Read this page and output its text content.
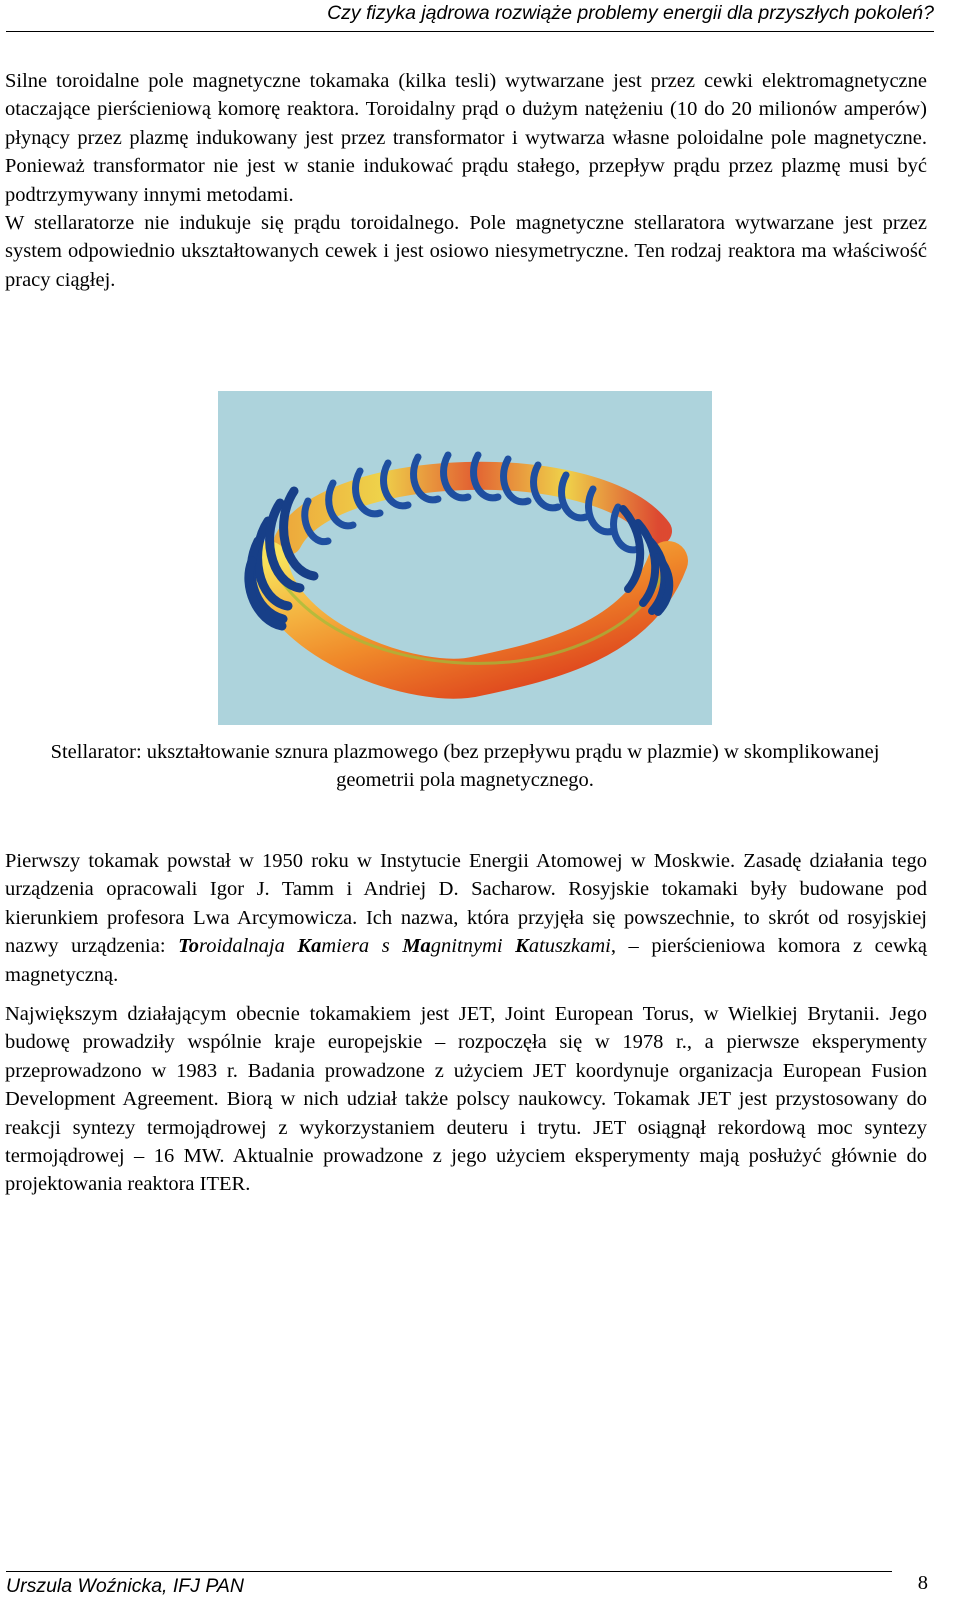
Czy fizyka jądrowa rozwiąże problemy energii dla przyszłych pokoleń?

Silne toroidalne pole magnetyczne tokamaka (kilka tesli) wytwarzane jest przez cewki elektromagnetyczne otaczające pierścieniową komorę reaktora. Toroidalny prąd o dużym natężeniu (10 do 20 milionów amperów) płynący przez plazmę indukowany jest przez transformator i wytwarza własne poloidalne pole magnetyczne. Ponieważ transformator nie jest w stanie indukować prądu stałego, przepływ prądu przez plazmę musi być podtrzymywany innymi metodami.

W stellaratorze nie indukuje się prądu toroidalnego. Pole magnetyczne stellaratora wytwarzane jest przez system odpowiednio ukształtowanych cewek i jest osiowo niesymetryczne. Ten rodzaj reaktora ma właściwość pracy ciągłej.

Stellarator: ukształtowanie sznura plazmowego (bez przepływu prądu w plazmie) w skomplikowanej geometrii pola magnetycznego.

Pierwszy tokamak powstał w 1950 roku w Instytucie Energii Atomowej w Moskwie. Zasadę działania tego urządzenia opracowali Igor J. Tamm i Andriej D. Sacharow. Rosyjskie tokamaki były budowane pod kierunkiem profesora Lwa Arcymowicza. Ich nazwa, która przyjęła się powszechnie, to skrót od rosyjskiej nazwy urządzenia: Toroidalnaja Kamiera s Magnitnymi Katuszkami, – pierścieniowa komora z cewką magnetyczną.

Największym działającym obecnie tokamakiem jest JET, Joint European Torus, w Wielkiej Brytanii. Jego budowę prowadziły wspólnie kraje europejskie – rozpoczęła się w 1978 r., a pierwsze eksperymenty przeprowadzono w 1983 r. Badania prowadzone z użyciem JET koordynuje organizacja European Fusion Development Agreement. Biorą w nich udział także polscy naukowcy. Tokamak JET jest przystosowany do reakcji syntezy termojądrowej z wykorzystaniem deuteru i trytu. JET osiągnął rekordową moc syntezy termojądrowej – 16 MW. Aktualnie prowadzone z jego użyciem eksperymenty mają posłużyć głównie do projektowania reaktora ITER.

Urszula Woźnicka, IFJ PAN	8
